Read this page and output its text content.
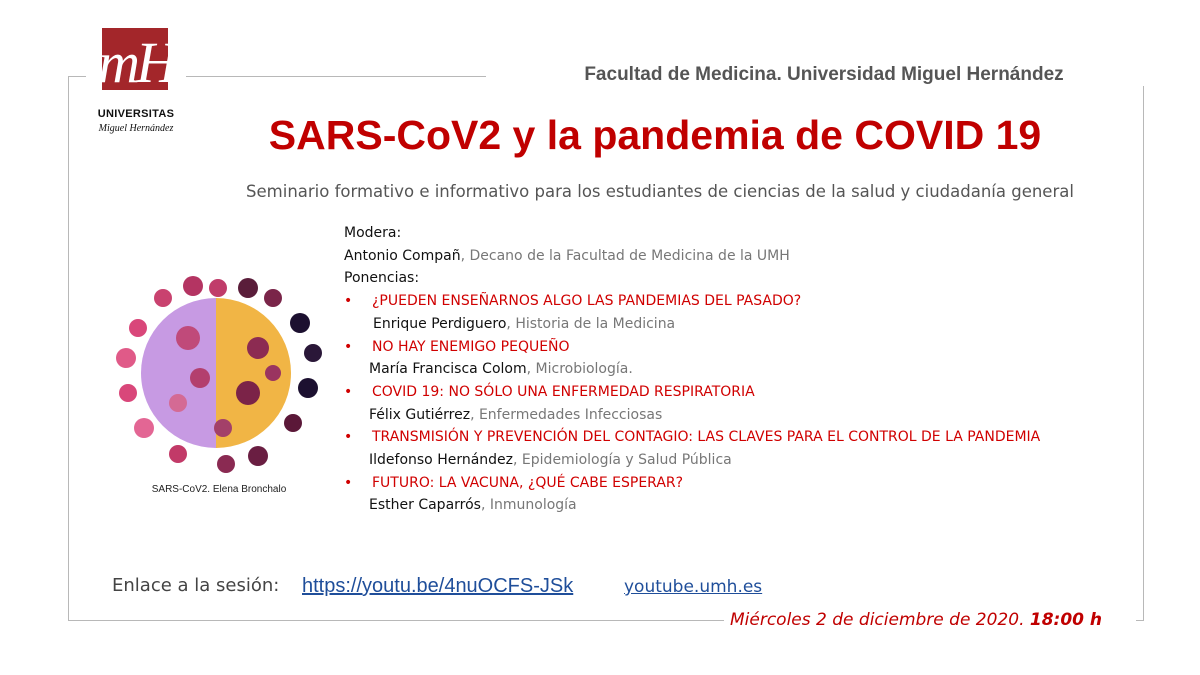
mH
UNIVERSITAS
Miguel Hernández
Facultad de Medicina. Universidad Miguel Hernández
SARS-CoV2 y la pandemia de COVID 19
Seminario formativo e informativo para los estudiantes de ciencias de la salud y ciudadanía general
SARS-CoV2. Elena Bronchalo
Modera:
Antonio Compañ, Decano de la Facultad de Medicina de la UMH
Ponencias:
• ¿PUEDEN ENSEÑARNOS ALGO LAS PANDEMIAS DEL PASADO?
Enrique Perdiguero, Historia de la Medicina
• NO HAY ENEMIGO PEQUEÑO
María Francisca Colom, Microbiología.
• COVID 19: NO SÓLO UNA ENFERMEDAD RESPIRATORIA
Félix Gutiérrez, Enfermedades Infecciosas
• TRANSMISIÓN Y PREVENCIÓN DEL CONTAGIO: LAS CLAVES PARA EL CONTROL DE LA PANDEMIA
Ildefonso Hernández, Epidemiología y Salud Pública
• FUTURO: LA VACUNA, ¿QUÉ CABE ESPERAR?
Esther Caparrós, Inmunología
Enlace a la sesión: https://youtu.be/4nuOCFS-JSk	youtube.umh.es
Miércoles 2 de diciembre de 2020. 18:00 h
